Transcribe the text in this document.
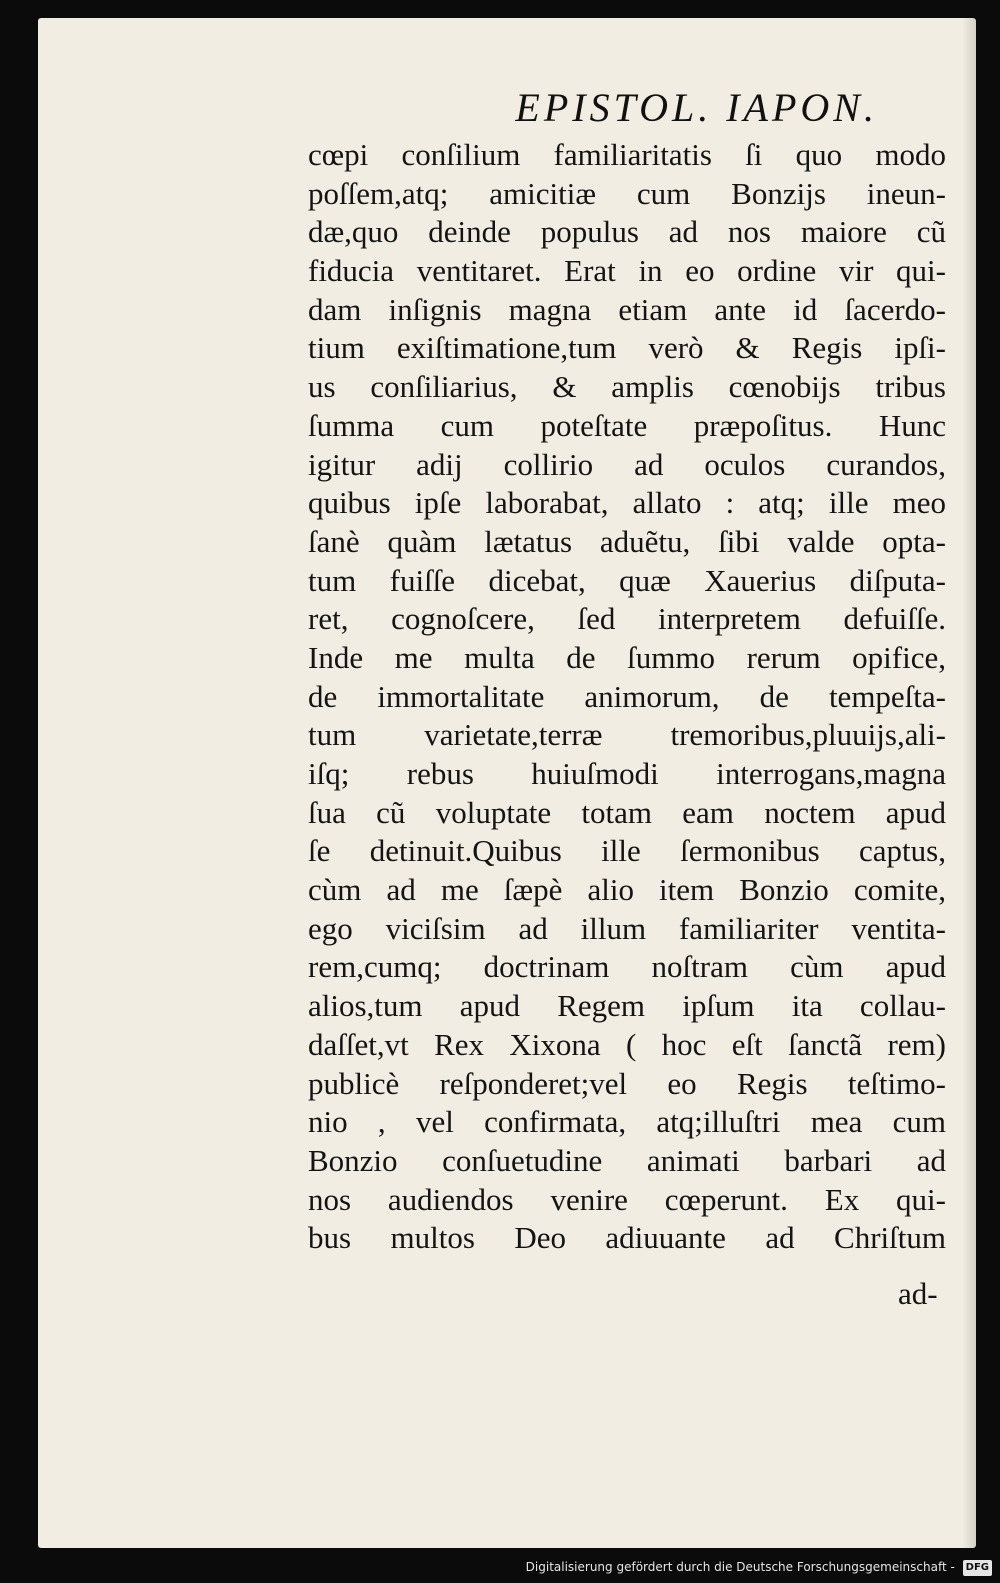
EPISTOL. IAPON.
cœpi conſilium familiaritatis ſi quo modo
poſſem,atq; amicitiæ cum Bonzijs ineun-
dæ,quo deinde populus ad nos maiore cũ
fiducia ventitaret. Erat in eo ordine vir qui-
dam inſignis magna etiam ante id ſacerdo-
tium exiſtimatione,tum verò & Regis ipſi-
us conſiliarius, & amplis cœnobijs tribus
ſumma cum poteſtate præpoſitus. Hunc
igitur adij collirio ad oculos curandos,
quibus ipſe laborabat, allato : atq; ille meo
ſanè quàm lætatus aduẽtu, ſibi valde opta-
tum fuiſſe dicebat, quæ Xauerius diſputa-
ret, cognoſcere, ſed interpretem defuiſſe.
Inde me multa de ſummo rerum opifice,
de immortalitate animorum, de tempeſta-
tum varietate,terræ tremoribus,pluuijs,ali-
iſq; rebus huiuſmodi interrogans,magna
ſua cũ voluptate totam eam noctem apud
ſe detinuit.Quibus ille ſermonibus captus,
cùm ad me ſæpè alio item Bonzio comite,
ego viciſsim ad illum familiariter ventita-
rem,cumq; doctrinam noſtram cùm apud
alios,tum apud Regem ipſum ita collau-
daſſet,vt Rex Xixona ( hoc eſt ſanctã rem)
publicè reſponderet;vel eo Regis teſtimo-
nio , vel confirmata, atq;illuſtri mea cum
Bonzio conſuetudine animati barbari ad
nos audiendos venire cœperunt. Ex qui-
bus multos Deo adiuuante ad Chriſtum
ad-
Digitalisierung gefördert durch die Deutsche Forschungsgemeinschaft - DFG
